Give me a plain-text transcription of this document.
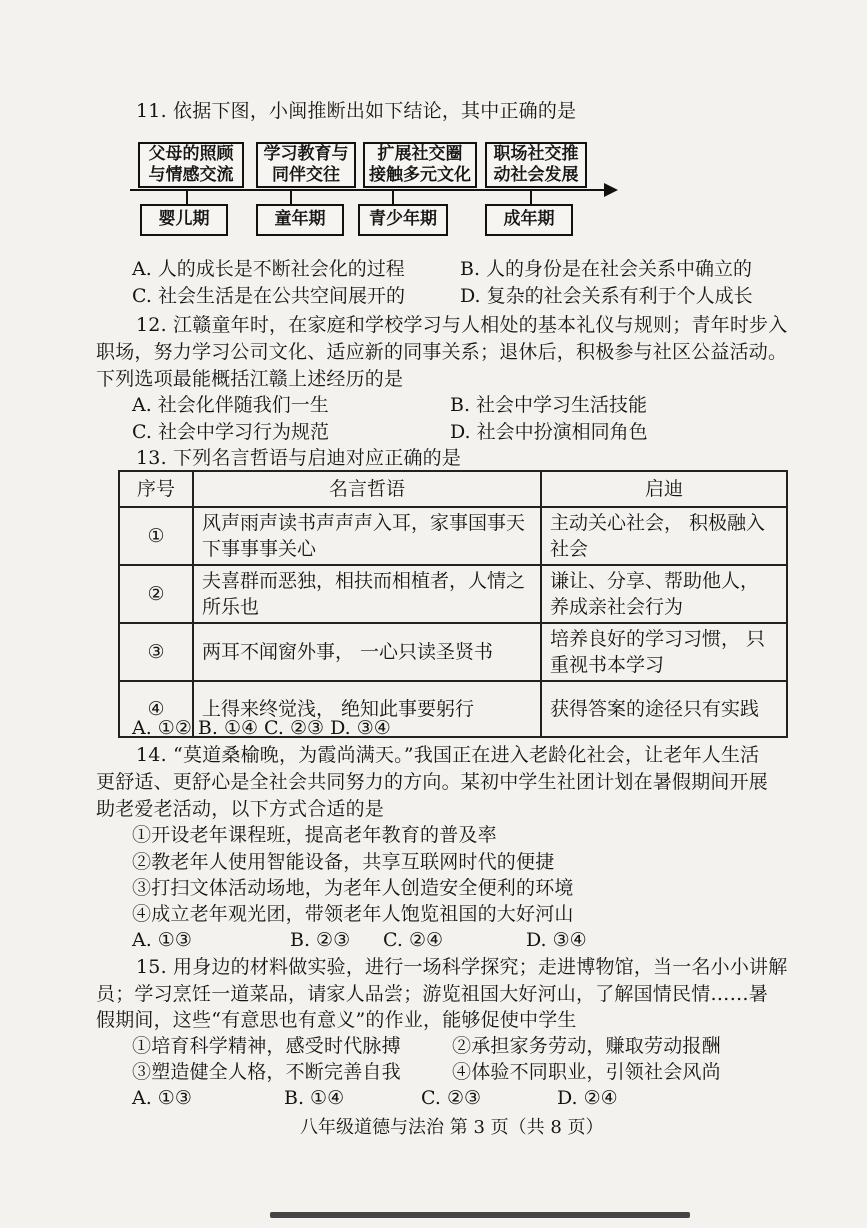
11. 依据下图，小闽推断出如下结论，其中正确的是
父母的照顾
与情感交流
学习教育与
同伴交往
扩展社交圈
接触多元文化
职场社交推
动社会发展
婴儿期	童年期	青少年期	成年期
A. 人的成长是不断社会化的过程	B. 人的身份是在社会关系中确立的
C. 社会生活是在公共空间展开的	D. 复杂的社会关系有利于个人成长
12. 江赣童年时，在家庭和学校学习与人相处的基本礼仪与规则；青年时步入
职场，努力学习公司文化、适应新的同事关系；退休后，积极参与社区公益活动。
下列选项最能概括江赣上述经历的是
A. 社会化伴随我们一生	B. 社会中学习生活技能
C. 社会中学习行为规范	D. 社会中扮演相同角色
13. 下列名言哲语与启迪对应正确的是
序号	名言哲语	启迪
①	风声雨声读书声声声入耳，家事国事天下事事事关心	主动关心社会， 积极融入社会
②	夫喜群而恶独，相扶而相植者，人情之所乐也	谦让、分享、帮助他人， 养成亲社会行为
③	两耳不闻窗外事， 一心只读圣贤书	培养良好的学习习惯， 只重视书本学习
④	上得来终觉浅， 绝知此事要躬行	获得答案的途径只有实践
A. ①② B. ①④ C. ②③ D. ③④
14. “莫道桑榆晚，为霞尚满天。”我国正在进入老龄化社会，让老年人生活
更舒适、更舒心是全社会共同努力的方向。某初中学生社团计划在暑假期间开展
助老爱老活动，以下方式合适的是
①开设老年课程班，提高老年教育的普及率
②教老年人使用智能设备，共享互联网时代的便捷
③打扫文体活动场地，为老年人创造安全便利的环境
④成立老年观光团，带领老年人饱览祖国的大好河山
A. ①③	B. ②③ C. ②④	D. ③④
15. 用身边的材料做实验，进行一场科学探究；走进博物馆，当一名小小讲解
员；学习烹饪一道菜品，请家人品尝；游览祖国大好河山，了解国情民情……暑
假期间，这些“有意思也有意义”的作业，能够促使中学生
①培育科学精神，感受时代脉搏	②承担家务劳动，赚取劳动报酬
③塑造健全人格，不断完善自我	④体验不同职业，引领社会风尚
A. ①③	B. ①④	C. ②③	D. ②④
八年级道德与法治 第 3 页（共 8 页）
